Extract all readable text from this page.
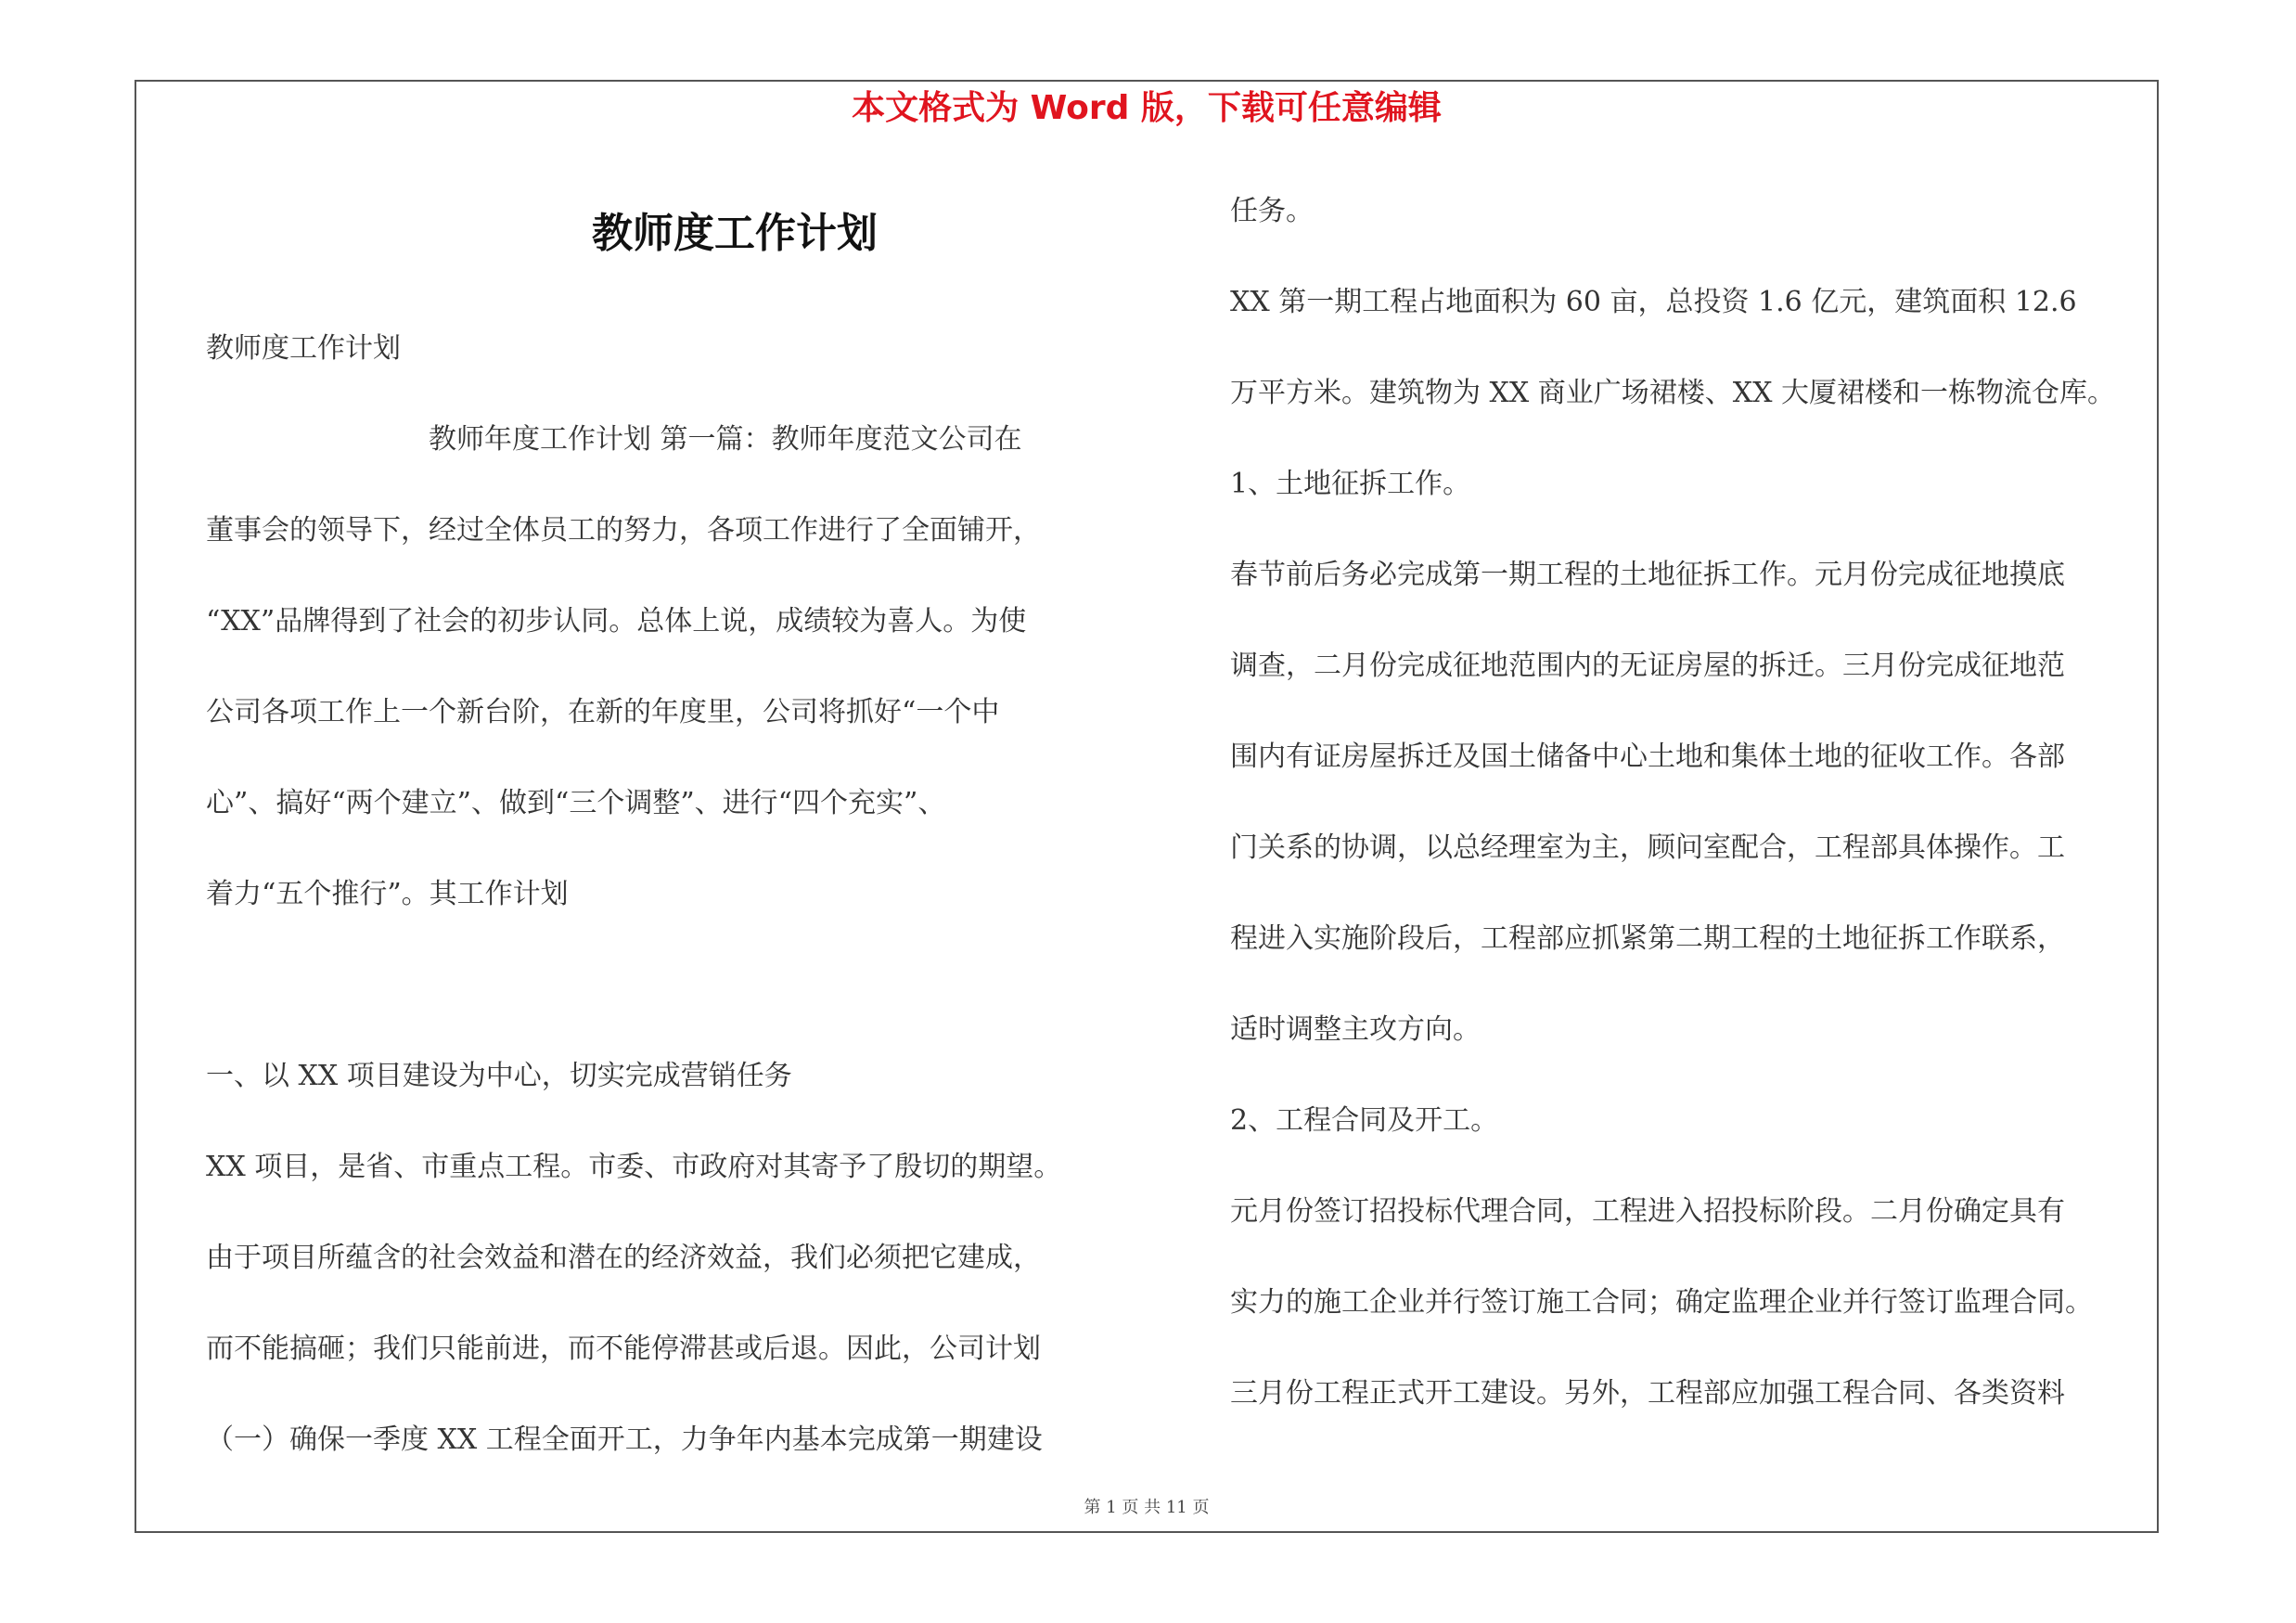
本文格式为 Word 版，下载可任意编辑
教师度工作计划

教师度工作计划

　　　　　　　　教师年度工作计划 第一篇：教师年度范文公司在

董事会的领导下，经过全体员工的努力，各项工作进行了全面铺开，

“XX”品牌得到了社会的初步认同。总体上说，成绩较为喜人。为使

公司各项工作上一个新台阶，在新的年度里，公司将抓好“一个中

心”、搞好“两个建立”、做到“三个调整”、进行“四个充实”、

着力“五个推行”。其工作计划

一、以 XX 项目建设为中心，切实完成营销任务

XX 项目，是省、市重点工程。市委、市政府对其寄予了殷切的期望。

由于项目所蕴含的社会效益和潜在的经济效益，我们必须把它建成，

而不能搞砸；我们只能前进，而不能停滞甚或后退。因此，公司计划

（一）确保一季度 XX 工程全面开工，力争年内基本完成第一期建设

任务。

XX 第一期工程占地面积为 60 亩，总投资 1.6 亿元，建筑面积 12.6

万平方米。建筑物为 XX 商业广场裙楼、XX 大厦裙楼和一栋物流仓库。

1、土地征拆工作。

春节前后务必完成第一期工程的土地征拆工作。元月份完成征地摸底

调查，二月份完成征地范围内的无证房屋的拆迁。三月份完成征地范

围内有证房屋拆迁及国土储备中心土地和集体土地的征收工作。各部

门关系的协调，以总经理室为主，顾问室配合，工程部具体操作。工

程进入实施阶段后，工程部应抓紧第二期工程的土地征拆工作联系，

适时调整主攻方向。

2、工程合同及开工。

元月份签订招投标代理合同，工程进入招投标阶段。二月份确定具有

实力的施工企业并行签订施工合同；确定监理企业并行签订监理合同。

三月份工程正式开工建设。另外，工程部应加强工程合同、各类资料

第 1 页 共 11 页
